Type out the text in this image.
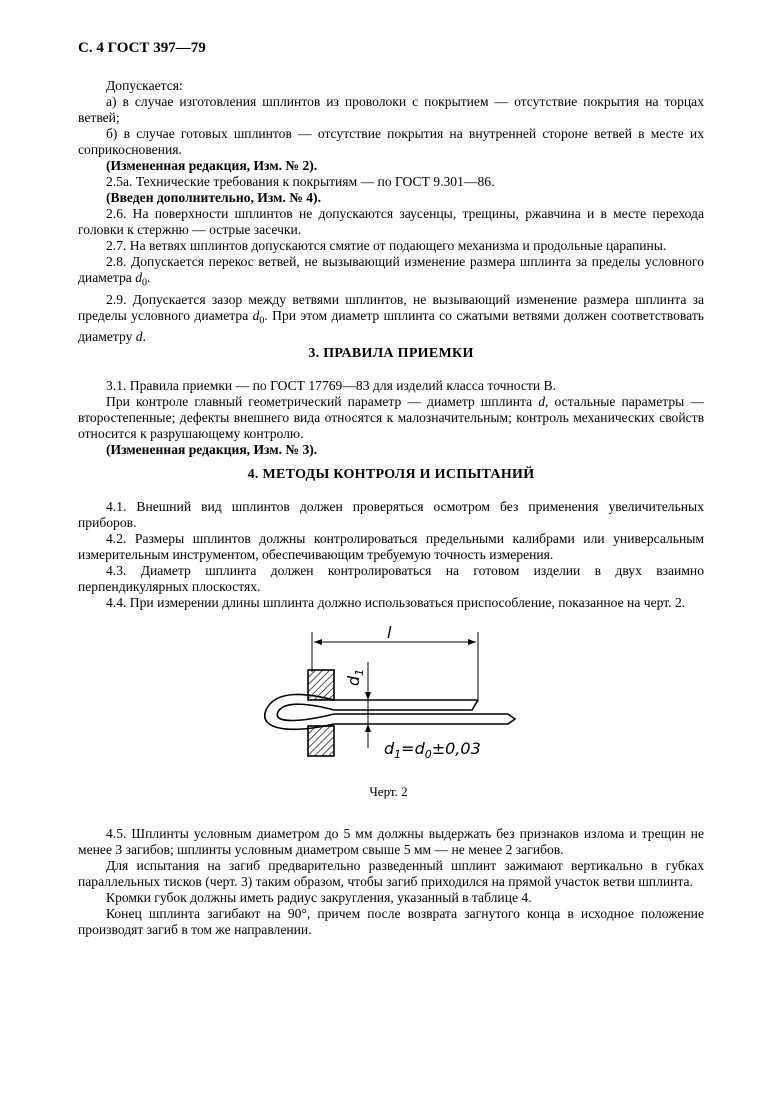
С. 4 ГОСТ 397—79

Допускается:

а) в случае изготовления шплинтов из проволоки с покрытием — отсутствие покрытия на торцах ветвей;

б) в случае готовых шплинтов — отсутствие покрытия на внутренней стороне ветвей в месте их соприкосновения.

(Измененная редакция, Изм. № 2).

2.5а. Технические требования к покрытиям — по ГОСТ 9.301—86.

(Введен дополнительно, Изм. № 4).

2.6. На поверхности шплинтов не допускаются заусенцы, трещины, ржавчина и в месте перехода головки к стержню — острые засечки.

2.7. На ветвях шплинтов допускаются смятие от подающего механизма и продольные царапины.

2.8. Допускается перекос ветвей, не вызывающий изменение размера шплинта за пределы условного диаметра $d_0$.

2.9. Допускается зазор между ветвями шплинтов, не вызывающий изменение размера шплинта за пределы условного диаметра $d_0$. При этом диаметр шплинта со сжатыми ветвями должен соответствовать диаметру d.

3. ПРАВИЛА ПРИЕМКИ

3.1. Правила приемки — по ГОСТ 17769—83 для изделий класса точности В.

При контроле главный геометрический параметр — диаметр шплинта d, остальные параметры — второстепенные; дефекты внешнего вида относятся к малозначительным; контроль механических свойств относится к разрушающему контролю.

(Измененная редакция, Изм. № 3).

4. МЕТОДЫ КОНТРОЛЯ И ИСПЫТАНИЙ

4.1. Внешний вид шплинтов должен проверяться осмотром без применения увеличительных приборов.

4.2. Размеры шплинтов должны контролироваться предельными калибрами или универсальным измерительным инструментом, обеспечивающим требуемую точность измерения.

4.3. Диаметр шплинта должен контролироваться на готовом изделии в двух взаимно перпендикулярных плоскостях.

4.4. При измерении длины шплинта должно использоваться приспособление, показанное на черт. 2.

l
$d_1$
$d_1=d_0\pm 0,03$
Черт. 2

4.5. Шплинты условным диаметром до 5 мм должны выдержать без признаков излома и трещин не менее 3 загибов; шплинты условным диаметром свыше 5 мм — не менее 2 загибов.

Для испытания на загиб предварительно разведенный шплинт зажимают вертикально в губках параллельных тисков (черт. 3) таким образом, чтобы загиб приходился на прямой участок ветви шплинта.

Кромки губок должны иметь радиус закругления, указанный в таблице 4.

Конец шплинта загибают на 90°, причем после возврата загнутого конца в исходное положение производят загиб в том же направлении.
